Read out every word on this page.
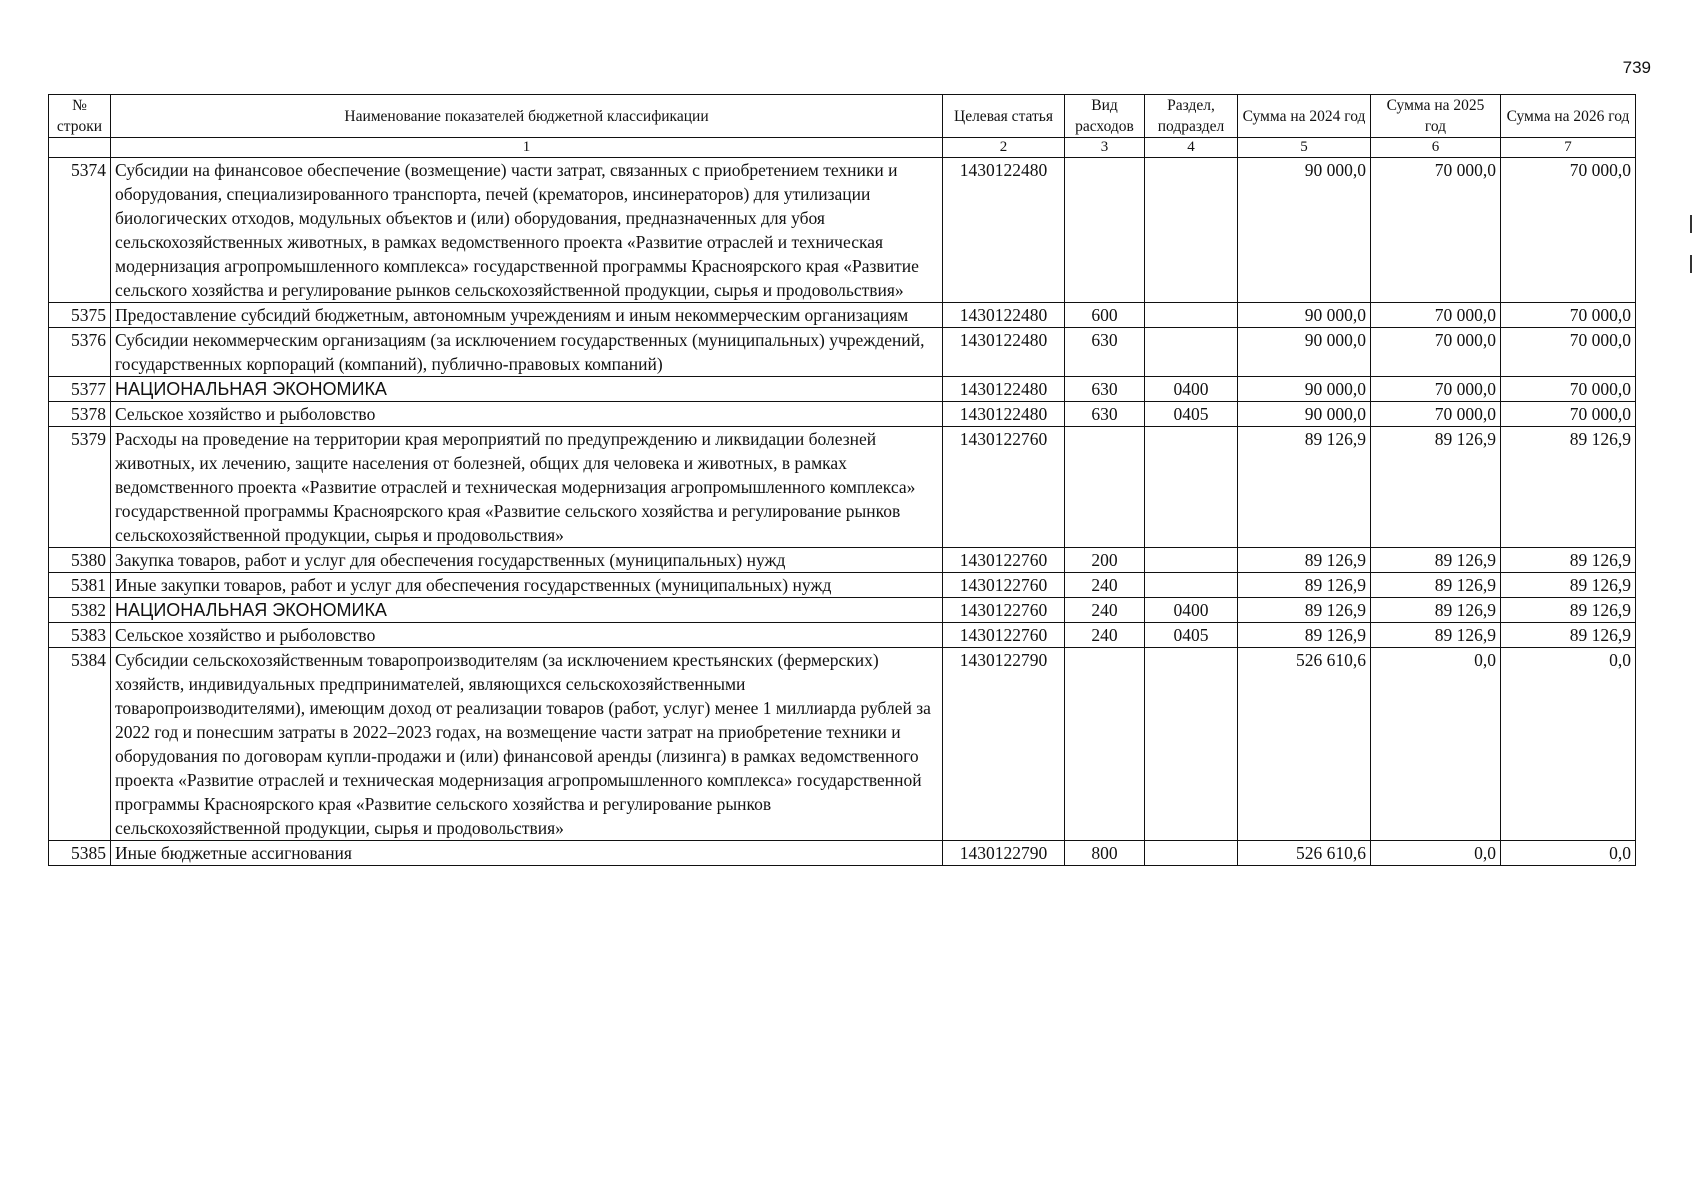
739
№ строки	Наименование показателей бюджетной классификации	Целевая статья	Вид расходов	Раздел, подраздел	Сумма на 2024 год	Сумма на 2025 год	Сумма на 2026 год
	1	2	3	4	5	6	7
5374	Субсидии на финансовое обеспечение (возмещение) части затрат, связанных с приобретением техники и оборудования, специализированного транспорта, печей (крематоров, инсинераторов) для утилизации биологических отходов, модульных объектов и (или) оборудования, предназначенных для убоя сельскохозяйственных животных, в рамках ведомственного проекта «Развитие отраслей и техническая модернизация агропромышленного комплекса» государственной программы Красноярского края «Развитие сельского хозяйства и регулирование рынков сельскохозяйственной продукции, сырья и продовольствия»	1430122480			90 000,0	70 000,0	70 000,0
5375	Предоставление субсидий бюджетным, автономным учреждениям и иным некоммерческим организациям	1430122480	600		90 000,0	70 000,0	70 000,0
5376	Субсидии некоммерческим организациям (за исключением государственных (муниципальных) учреждений, государственных корпораций (компаний), публично-правовых компаний)	1430122480	630		90 000,0	70 000,0	70 000,0
5377	НАЦИОНАЛЬНАЯ ЭКОНОМИКА	1430122480	630	0400	90 000,0	70 000,0	70 000,0
5378	Сельское хозяйство и рыболовство	1430122480	630	0405	90 000,0	70 000,0	70 000,0
5379	Расходы на проведение на территории края мероприятий по предупреждению и ликвидации болезней животных, их лечению, защите населения от болезней, общих для человека и животных, в рамках ведомственного проекта «Развитие отраслей и техническая модернизация агропромышленного комплекса» государственной программы Красноярского края «Развитие сельского хозяйства и регулирование рынков сельскохозяйственной продукции, сырья и продовольствия»	1430122760			89 126,9	89 126,9	89 126,9
5380	Закупка товаров, работ и услуг для обеспечения государственных (муниципальных) нужд	1430122760	200		89 126,9	89 126,9	89 126,9
5381	Иные закупки товаров, работ и услуг для обеспечения государственных (муниципальных) нужд	1430122760	240		89 126,9	89 126,9	89 126,9
5382	НАЦИОНАЛЬНАЯ ЭКОНОМИКА	1430122760	240	0400	89 126,9	89 126,9	89 126,9
5383	Сельское хозяйство и рыболовство	1430122760	240	0405	89 126,9	89 126,9	89 126,9
5384	Субсидии сельскохозяйственным товаропроизводителям (за исключением крестьянских (фермерских) хозяйств, индивидуальных предпринимателей, являющихся сельскохозяйственными товаропроизводителями), имеющим доход от реализации товаров (работ, услуг) менее 1 миллиарда рублей за 2022 год и понесшим затраты в 2022–2023 годах, на возмещение части затрат на приобретение техники и оборудования по договорам купли-продажи и (или) финансовой аренды (лизинга) в рамках ведомственного проекта «Развитие отраслей и техническая модернизация агропромышленного комплекса» государственной программы Красноярского края «Развитие сельского хозяйства и регулирование рынков сельскохозяйственной продукции, сырья и продовольствия»	1430122790			526 610,6	0,0	0,0
5385	Иные бюджетные ассигнования	1430122790	800		526 610,6	0,0	0,0
